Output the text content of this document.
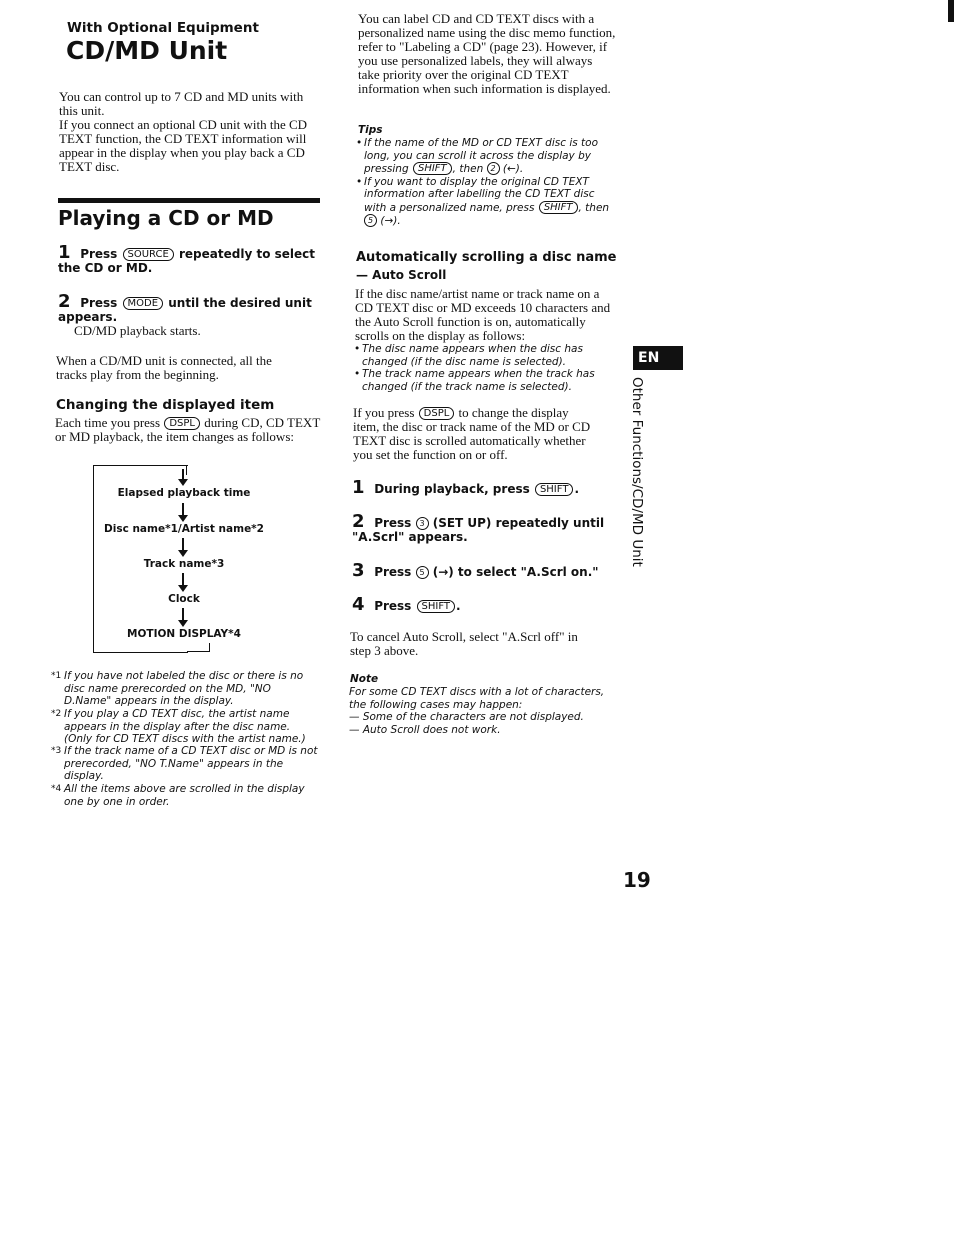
With Optional Equipment
CD/MD Unit
You can control up to 7 CD and MD units with this unit.
If you connect an optional CD unit with the CD TEXT function, the CD TEXT information will appear in the display when you play back a CD TEXT disc.
Playing a CD or MD
1 Press SOURCE repeatedly to select the CD or MD.
2 Press MODE until the desired unit appears.
CD/MD playback starts.
When a CD/MD unit is connected, all the tracks play from the beginning.
Changing the displayed item
Each time you press DSPL during CD, CD TEXT or MD playback, the item changes as follows:
Elapsed playback time
Disc name*1/Artist name*2
Track name*3
Clock
MOTION DISPLAY*4
*1 If you have not labeled the disc or there is no disc name prerecorded on the MD, "NO D.Name" appears in the display.
*2 If you play a CD TEXT disc, the artist name appears in the display after the disc name. (Only for CD TEXT discs with the artist name.)
*3 If the track name of a CD TEXT disc or MD is not prerecorded, "NO T.Name" appears in the display.
*4 All the items above are scrolled in the display one by one in order.
You can label CD and CD TEXT discs with a personalized name using the disc memo function, refer to "Labeling a CD" (page 23). However, if you use personalized labels, they will always take priority over the original CD TEXT information when such information is displayed.
Tips
• If the name of the MD or CD TEXT disc is too long, you can scroll it across the display by pressing SHIFT , then 2 (←).
• If you want to display the original CD TEXT information after labelling the CD TEXT disc with a personalized name, press SHIFT , then 5 (→).
Automatically scrolling a disc name
— Auto Scroll
If the disc name/artist name or track name on a CD TEXT disc or MD exceeds 10 characters and the Auto Scroll function is on, automatically scrolls on the display as follows:
• The disc name appears when the disc has changed (if the disc name is selected).
• The track name appears when the track has changed (if the track name is selected).
If you press DSPL to change the display item, the disc or track name of the MD or CD TEXT disc is scrolled automatically whether you set the function on or off.
1 During playback, press SHIFT .
2 Press 3 (SET UP) repeatedly until "A.Scrl" appears.
3 Press 5 (→) to select "A.Scrl on."
4 Press SHIFT .
To cancel Auto Scroll, select "A.Scrl off" in step 3 above.
Note
For some CD TEXT discs with a lot of characters, the following cases may happen:
— Some of the characters are not displayed.
— Auto Scroll does not work.
EN
Other Functions/CD/MD Unit
19
